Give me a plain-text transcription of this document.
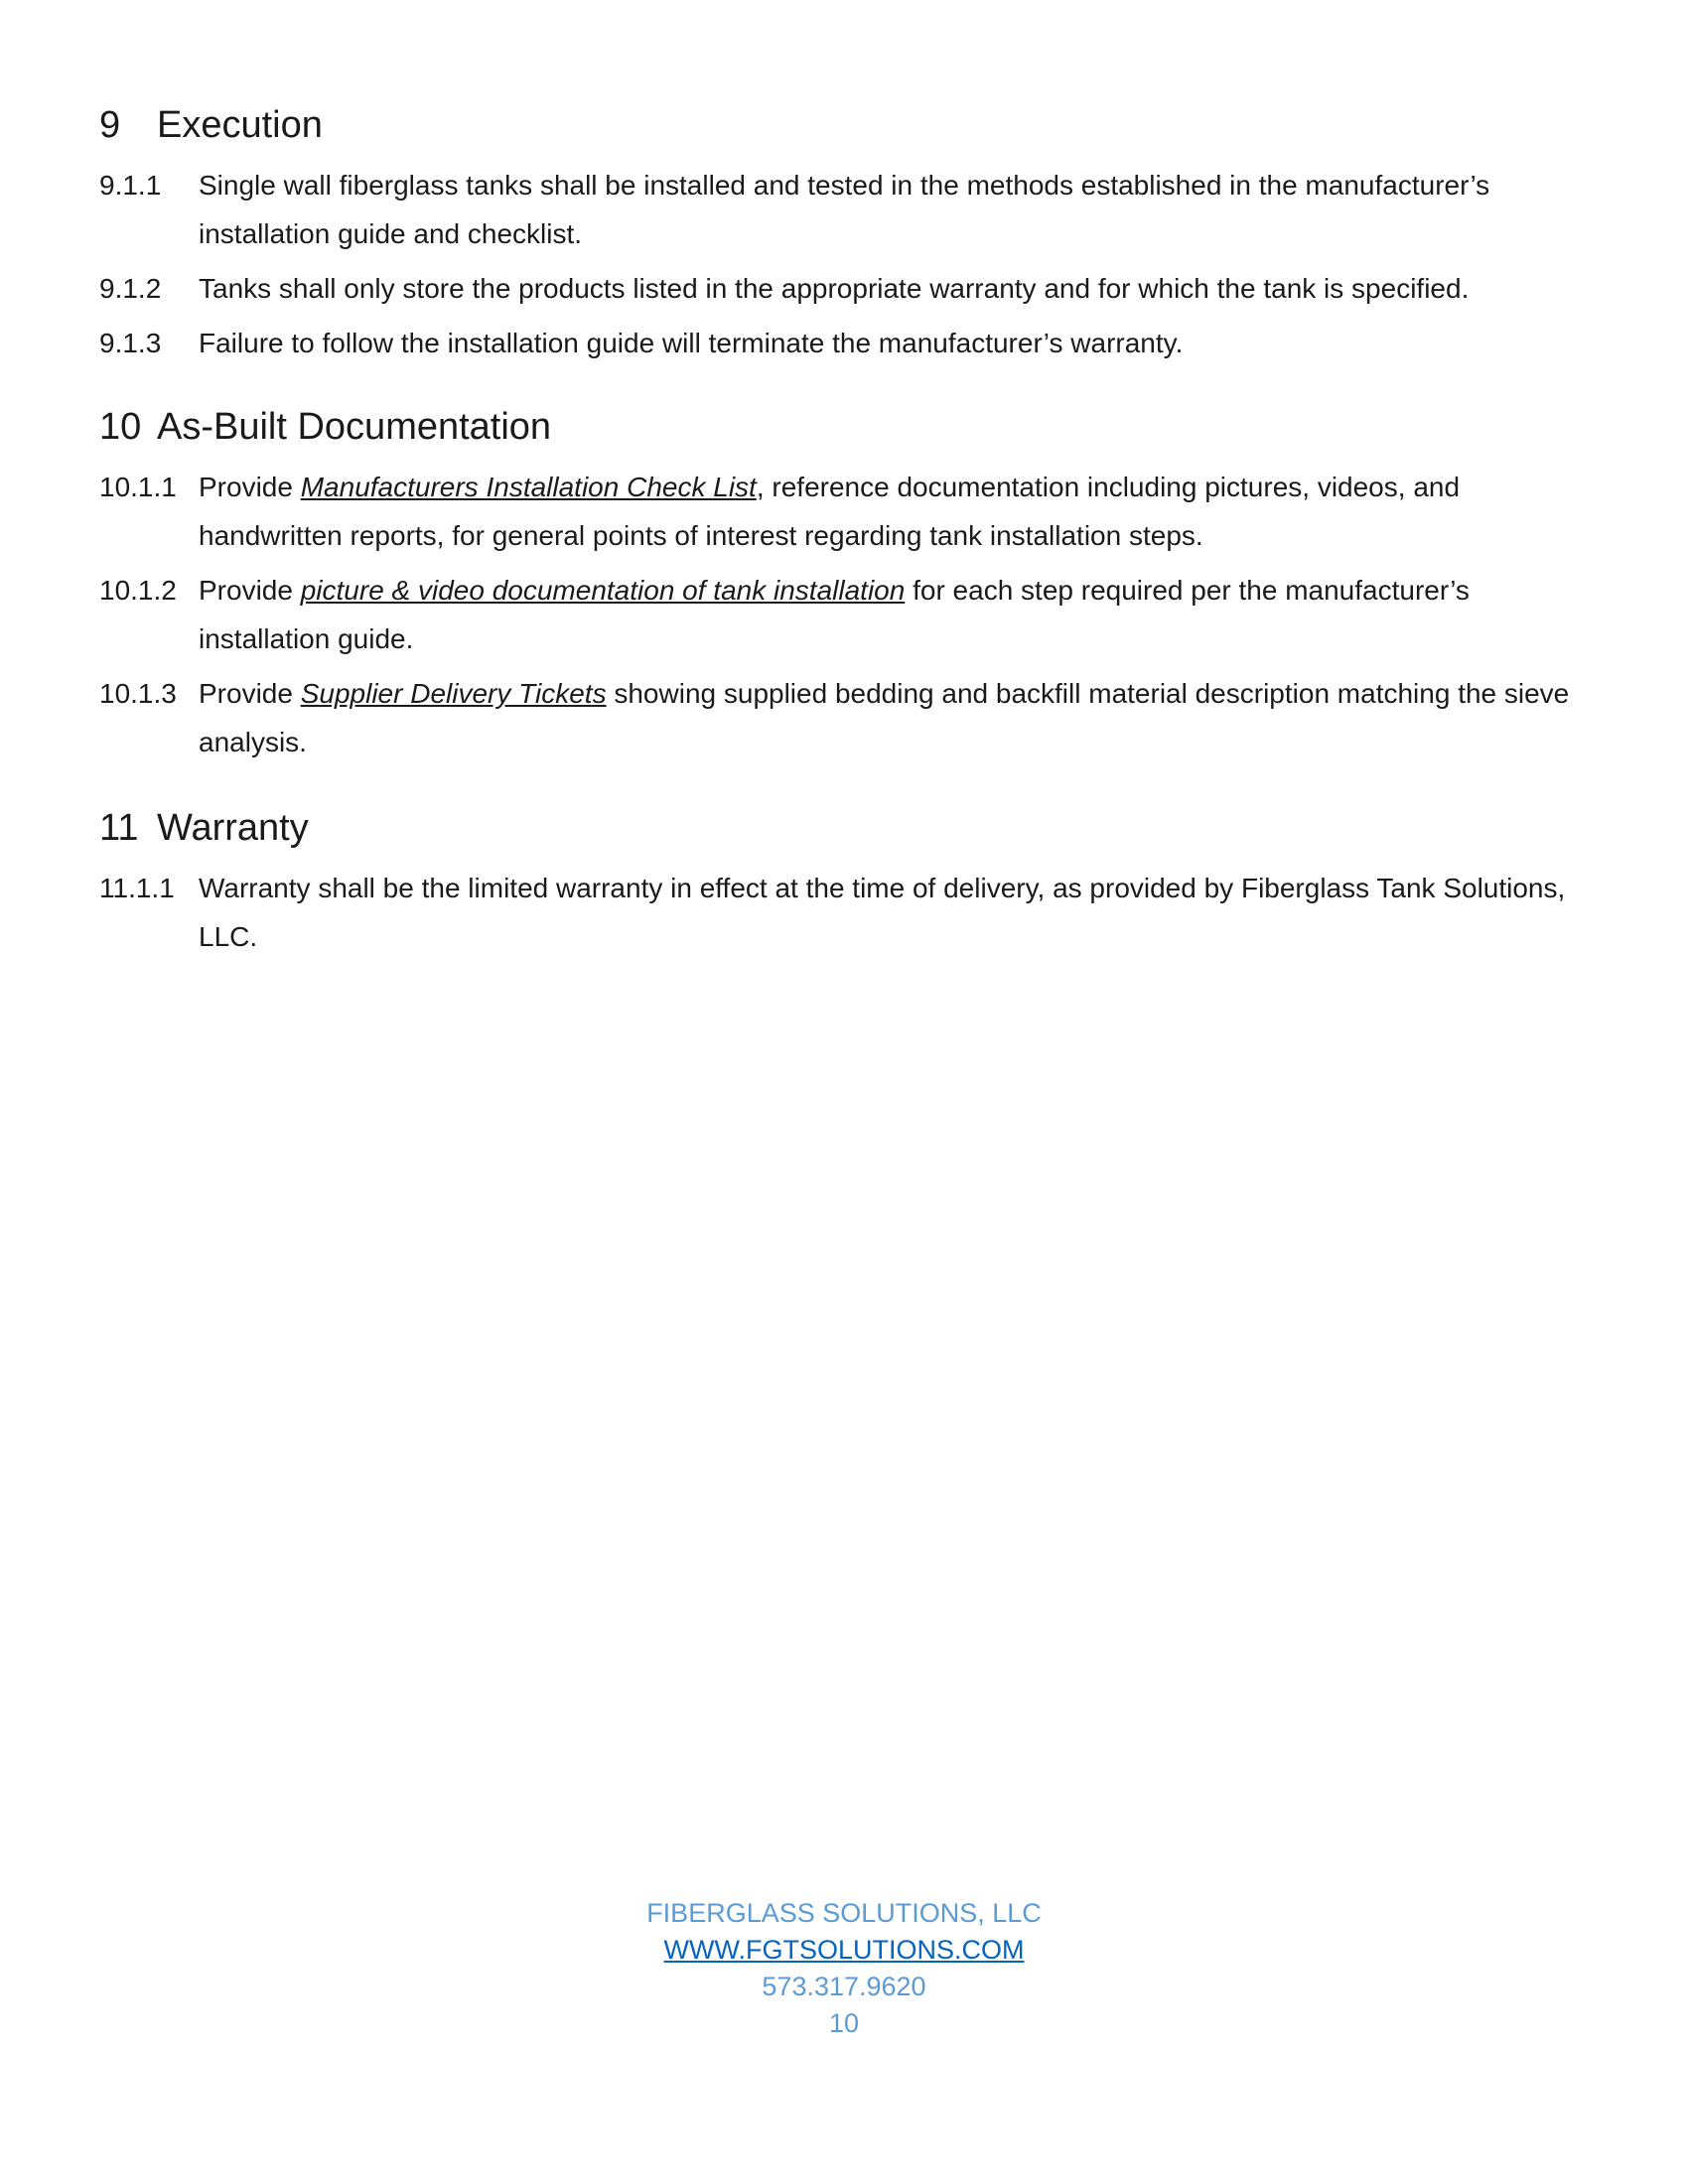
9 Execution
9.1.1 Single wall fiberglass tanks shall be installed and tested in the methods established in the manufacturer’s installation guide and checklist.
9.1.2 Tanks shall only store the products listed in the appropriate warranty and for which the tank is specified.
9.1.3 Failure to follow the installation guide will terminate the manufacturer’s warranty.
10 As-Built Documentation
10.1.1 Provide Manufacturers Installation Check List, reference documentation including pictures, videos, and handwritten reports, for general points of interest regarding tank installation steps.
10.1.2 Provide picture & video documentation of tank installation for each step required per the manufacturer’s installation guide.
10.1.3 Provide Supplier Delivery Tickets showing supplied bedding and backfill material description matching the sieve analysis.
11 Warranty
11.1.1 Warranty shall be the limited warranty in effect at the time of delivery, as provided by Fiberglass Tank Solutions, LLC.
FIBERGLASS SOLUTIONS, LLC
WWW.FGTSOLUTIONS.COM
573.317.9620
10
